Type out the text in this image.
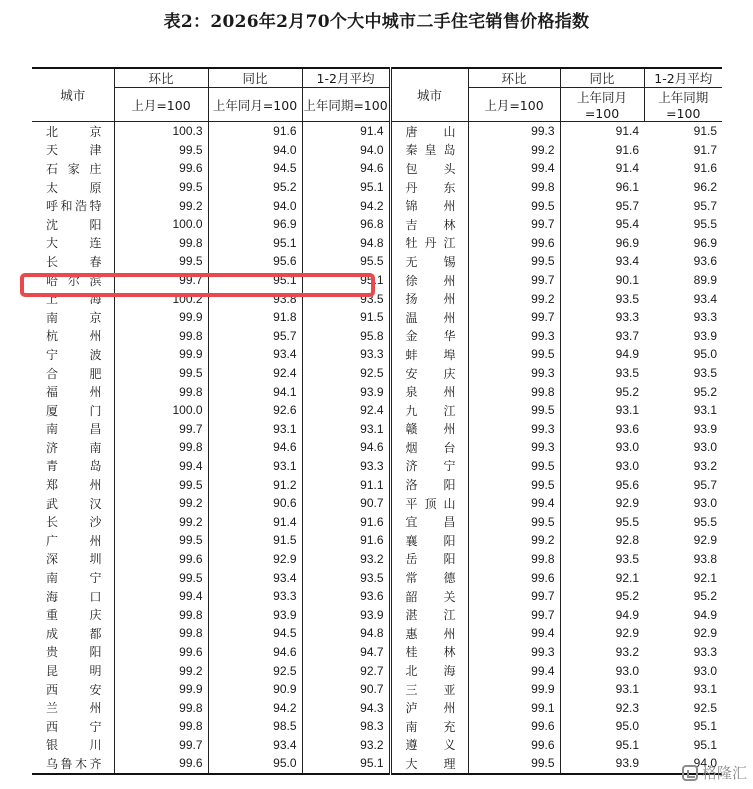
表2：2026年2月70个大中城市二手住宅销售价格指数
城市	环比	同比	1-2月平均	城市	环比	同比	1-2月平均
	上月=100	上年同月=100	上年同期=100		上月=100	上年同月=100	上年同期=100
北京	100.3	91.6	91.4	唐山	99.3	91.4	91.5
天津	99.5	94.0	94.0	秦皇岛	99.2	91.6	91.7
石家庄	99.6	94.5	94.6	包头	99.4	91.4	91.6
太原	99.5	95.2	95.1	丹东	99.8	96.1	96.2
呼和浩特	99.2	94.0	94.2	锦州	99.5	95.7	95.7
沈阳	100.0	96.9	96.8	吉林	99.7	95.4	95.5
大连	99.8	95.1	94.8	牡丹江	99.6	96.9	96.9
长春	99.5	95.6	95.5	无锡	99.5	93.4	93.6
哈尔滨	99.7	95.1	95.1	徐州	99.7	90.1	89.9
上海	100.2	93.8	93.5	扬州	99.2	93.5	93.4
南京	99.9	91.8	91.5	温州	99.7	93.3	93.3
杭州	99.8	95.7	95.8	金华	99.3	93.7	93.9
宁波	99.9	93.4	93.3	蚌埠	99.5	94.9	95.0
合肥	99.5	92.4	92.5	安庆	99.3	93.5	93.5
福州	99.8	94.1	93.9	泉州	99.8	95.2	95.2
厦门	100.0	92.6	92.4	九江	99.5	93.1	93.1
南昌	99.7	93.1	93.1	赣州	99.3	93.6	93.9
济南	99.8	94.6	94.6	烟台	99.3	93.0	93.0
青岛	99.4	93.1	93.3	济宁	99.5	93.0	93.2
郑州	99.5	91.2	91.1	洛阳	99.5	95.6	95.7
武汉	99.2	90.6	90.7	平顶山	99.4	92.9	93.0
长沙	99.2	91.4	91.6	宜昌	99.5	95.5	95.5
广州	99.5	91.5	91.6	襄阳	99.2	92.8	92.9
深圳	99.6	92.9	93.2	岳阳	99.8	93.5	93.8
南宁	99.5	93.4	93.5	常德	99.6	92.1	92.1
海口	99.4	93.3	93.6	韶关	99.7	95.2	95.2
重庆	99.8	93.9	93.9	湛江	99.7	94.9	94.9
成都	99.8	94.5	94.8	惠州	99.4	92.9	92.9
贵阳	99.6	94.6	94.7	桂林	99.3	93.2	93.3
昆明	99.2	92.5	92.7	北海	99.4	93.0	93.0
西安	99.9	90.9	90.7	三亚	99.9	93.1	93.1
兰州	99.8	94.2	94.3	泸州	99.1	92.3	92.5
西宁	99.8	98.5	98.3	南充	99.6	95.0	95.1
银川	99.7	93.4	93.2	遵义	99.6	95.1	95.1
乌鲁木齐	99.6	95.0	95.1	大理	99.5	93.9	94.0
格隆汇
